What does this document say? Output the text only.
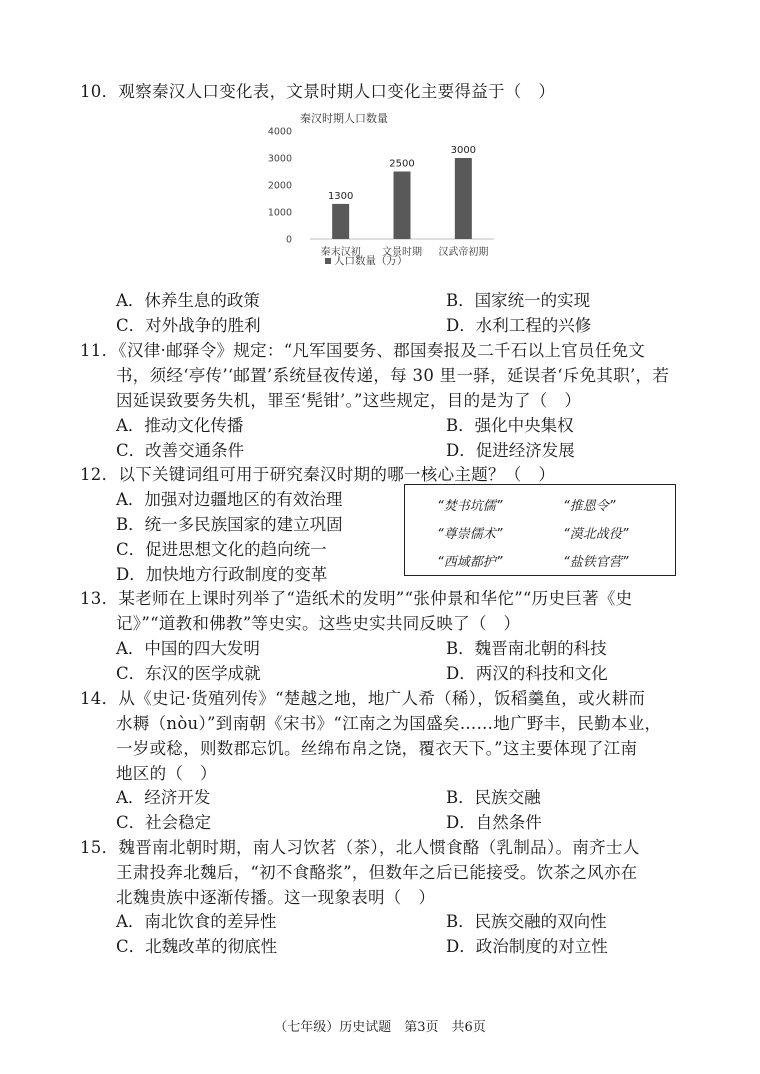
10．观察秦汉人口变化表，文景时期人口变化主要得益于（　）
秦汉时期人口数量
0
1000
2000
3000
4000
1300
2500
3000
秦末汉初 文景时期 汉武帝初期
人口数量（万）
A．休养生息的政策	B．国家统一的实现
C．对外战争的胜利	D．水利工程的兴修
11．《汉律·邮驿令》规定：“凡军国要务、郡国奏报及二千石以上官员任免文
书，须经‘亭传’‘邮置’系统昼夜传递，每 30 里一驿，延误者‘斥免其职’，若
因延误致要务失机，罪至‘髡钳’。”这些规定，目的是为了（　）
A．推动文化传播	B．强化中央集权
C．改善交通条件	D．促进经济发展
12．以下关键词组可用于研究秦汉时期的哪一核心主题？（　）
A．加强对边疆地区的有效治理
B．统一多民族国家的建立巩固
C．促进思想文化的趋向统一
D．加快地方行政制度的变革
“焚书坑儒”	“推恩令”
“尊崇儒术”	“漠北战役”
“西域都护”	“盐铁官营”
13．某老师在上课时列举了“造纸术的发明”“张仲景和华佗”“历史巨著《史
记》”“道教和佛教”等史实。这些史实共同反映了（　）
A．中国的四大发明	B．魏晋南北朝的科技
C．东汉的医学成就	D．两汉的科技和文化
14．从《史记·货殖列传》“楚越之地，地广人希（稀），饭稻羹鱼，或火耕而
水耨（nòu）”到南朝《宋书》“江南之为国盛矣……地广野丰，民勤本业，
一岁或稔，则数郡忘饥。丝绵布帛之饶，覆衣天下。”这主要体现了江南
地区的（　）
A．经济开发	B．民族交融
C．社会稳定	D．自然条件
15．魏晋南北朝时期，南人习饮茗（茶），北人惯食酪（乳制品）。南齐士人
王肃投奔北魏后，“初不食酪浆”，但数年之后已能接受。饮茶之风亦在
北魏贵族中逐渐传播。这一现象表明（　）
A．南北饮食的差异性	B．民族交融的双向性
C．北魏改革的彻底性	D．政治制度的对立性
（七年级）历史试题　第3页　共6页
